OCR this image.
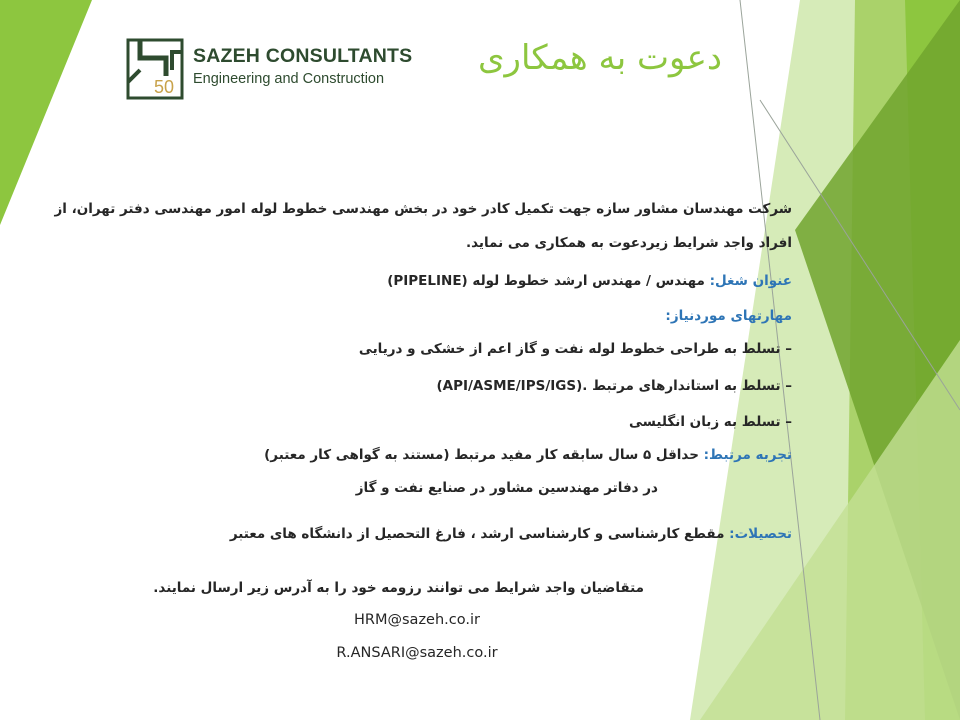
50
SAZEH CONSULTANTS
Engineering and Construction
دعوت به همکاری
شرکت مهندسان مشاور سازه جهت تکمیل کادر خود در بخش مهندسی خطوط لوله امور مهندسی دفتر تهران، از
افراد واجد شرایط زیردعوت به همکاری می نماید.
عنوان شغل: مهندس / مهندس ارشد خطوط لوله (PIPELINE)
مهارتهای موردنیاز:
– تسلط به طراحی خطوط لوله نفت و گاز اعم از خشکی و دریایی
– تسلط به استاندارهای مرتبط .(API/ASME/IPS/IGS)
– تسلط به زبان انگلیسی
تجربه مرتبط: حداقل ۵ سال سابقه کار مفید مرتبط (مستند به گواهی کار معتبر)
در دفاتر مهندسین مشاور در صنایع نفت و گاز
تحصیلات: مقطع کارشناسی و کارشناسی ارشد ، فارغ التحصیل از دانشگاه های معتبر
متقاضیان واجد شرایط می توانند رزومه خود را به آدرس زیر ارسال نمایند.
HRM@sazeh.co.ir
R.ANSARI@sazeh.co.ir
